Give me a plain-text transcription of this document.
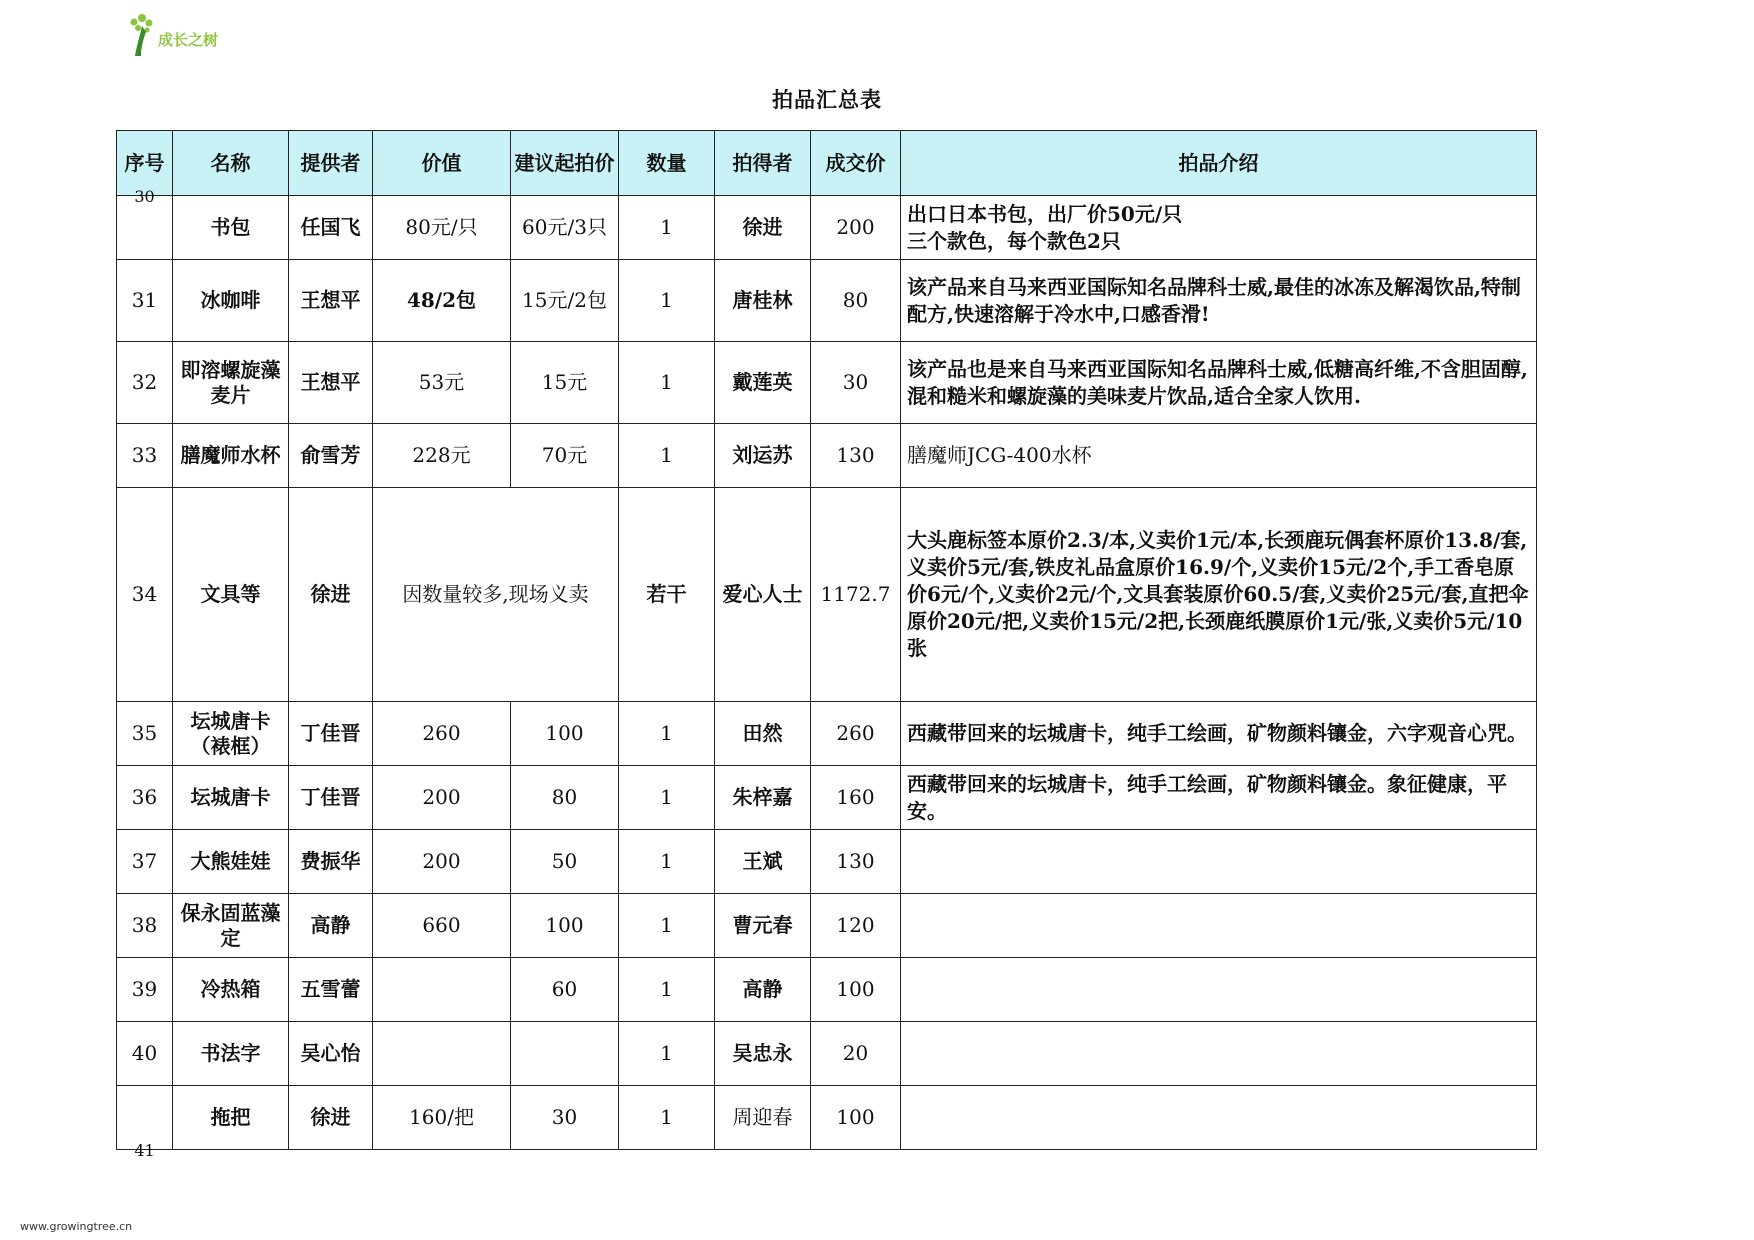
成长之树
拍品汇总表
序号	名称	提供者	价值	建议起拍价	数量	拍得者	成交价	拍品介绍

30	书包	任国飞	80元/只	60元/3只	1	徐进	200	出口日本书包，出厂价50元/只
三个款色，每个款色2只
31	冰咖啡	王想平	48/2包	15元/2包	1	唐桂林	80	该产品来自马来西亚国际知名品牌科士威,最佳的冰冻及解渴饮品,特制配方,快速溶解于冷水中,口感香滑!
32	即溶螺旋藻麦片	王想平	53元	15元	1	戴莲英	30	该产品也是来自马来西亚国际知名品牌科士威,低糖高纤维,不含胆固醇,混和糙米和螺旋藻的美味麦片饮品,适合全家人饮用.
33	膳魔师水杯	俞雪芳	228元	70元	1	刘运苏	130	膳魔师JCG-400水杯
34	文具等	徐进	因数量较多,现场义卖		若干	爱心人士	1172.7	大头鹿标签本原价2.3/本,义卖价1元/本,长颈鹿玩偶套杯原价13.8/套,义卖价5元/套,铁皮礼品盒原价16.9/个,义卖价15元/2个,手工香皂原价6元/个,义卖价2元/个,文具套装原价60.5/套,义卖价25元/套,直把伞原价20元/把,义卖价15元/2把,长颈鹿纸膜原价1元/张,义卖价5元/10张
35	坛城唐卡（裱框）	丁佳晋	260	100	1	田然	260	西藏带回来的坛城唐卡，纯手工绘画，矿物颜料镶金，六字观音心咒。
36	坛城唐卡	丁佳晋	200	80	1	朱梓嘉	160	西藏带回来的坛城唐卡，纯手工绘画，矿物颜料镶金。象征健康，平安。
37	大熊娃娃	费振华	200	50	1	王斌	130	
38	保永固蓝藻定	高静	660	100	1	曹元春	120	
39	冷热箱	五雪蕾		60	1	高静	100	
40	书法字	吴心怡			1	吴忠永	20	

41	拖把	徐进	160/把	30	1	周迎春	100	
www.growingtree.cn
